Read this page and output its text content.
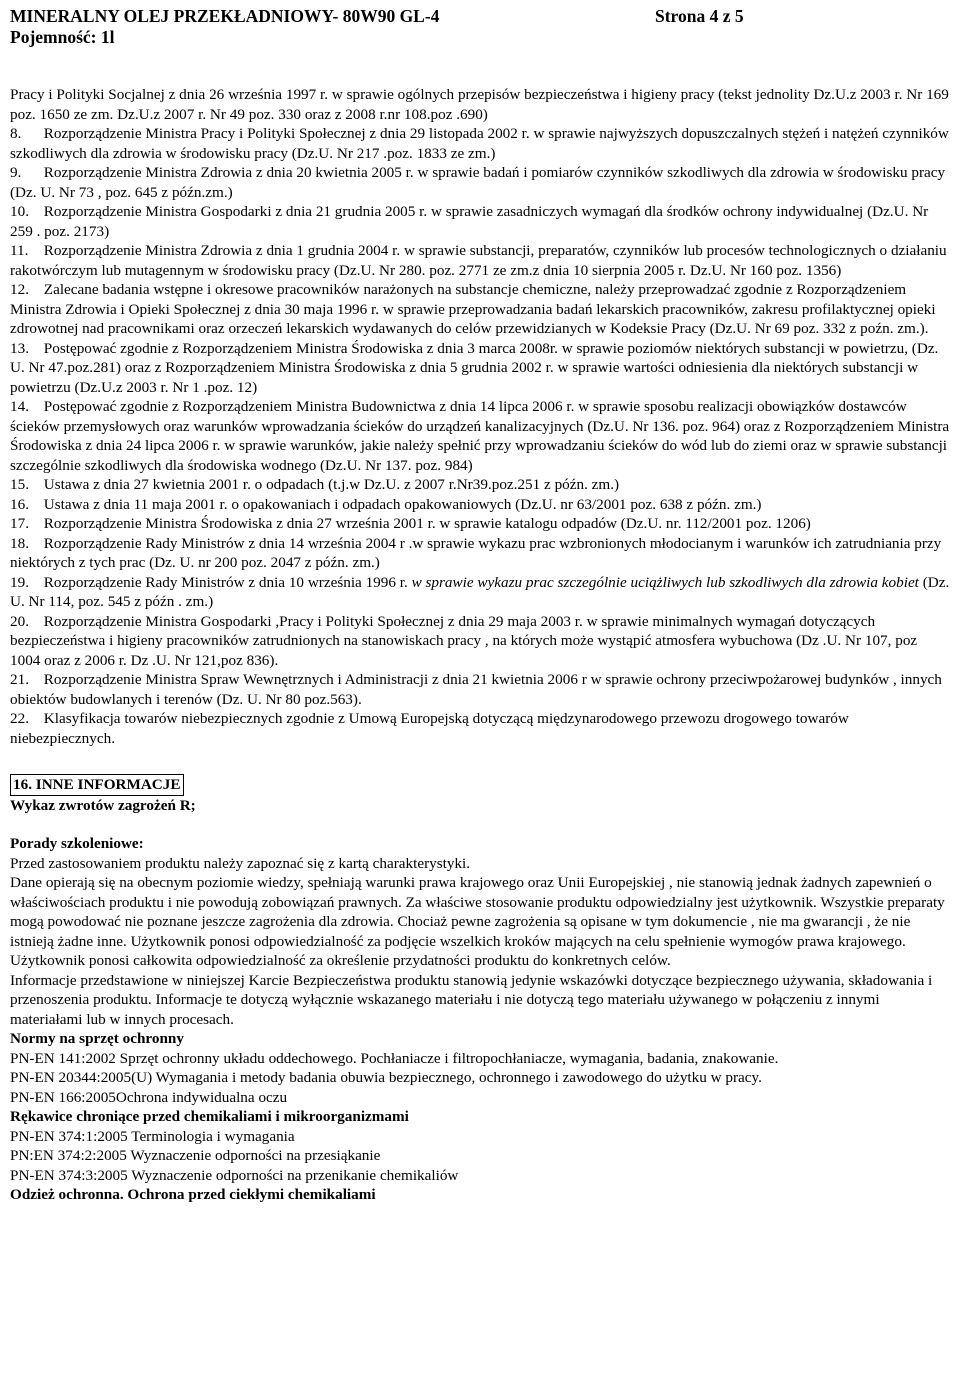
MINERALNY OLEJ PRZEKŁADNIOWY- 80W90 GL-4	Strona 4 z 5
Pojemność: 1l

Pracy i Polityki Socjalnej z dnia 26 września 1997 r. w sprawie ogólnych przepisów bezpieczeństwa i higieny pracy (tekst jednolity Dz.U.z 2003 r. Nr 169 poz. 1650 ze zm. Dz.U.z 2007 r. Nr 49 poz. 330 oraz z 2008 r.nr 108.poz .690)

8. Rozporządzenie Ministra Pracy i Polityki Społecznej z dnia 29 listopada 2002 r. w sprawie najwyższych dopuszczalnych stężeń i natężeń czynników szkodliwych dla zdrowia w środowisku pracy (Dz.U. Nr 217 .poz. 1833 ze zm.)

9. Rozporządzenie Ministra Zdrowia z dnia 20 kwietnia 2005 r. w sprawie badań i pomiarów czynników szkodliwych dla zdrowia w środowisku pracy (Dz. U. Nr 73 , poz. 645 z późn.zm.)

10. Rozporządzenie Ministra Gospodarki z dnia 21 grudnia 2005 r. w sprawie zasadniczych wymagań dla środków ochrony indywidualnej (Dz.U. Nr 259 . poz. 2173)

11. Rozporządzenie Ministra Zdrowia z dnia 1 grudnia 2004 r. w sprawie substancji, preparatów, czynników lub procesów technologicznych o działaniu rakotwórczym lub mutagennym w środowisku pracy (Dz.U. Nr 280. poz. 2771 ze zm.z dnia 10 sierpnia 2005 r. Dz.U. Nr 160 poz. 1356)

12. Zalecane badania wstępne i okresowe pracowników narażonych na substancje chemiczne, należy przeprowadzać zgodnie z Rozporządzeniem Ministra Zdrowia i Opieki Społecznej z dnia 30 maja 1996 r. w sprawie przeprowadzania badań lekarskich pracowników, zakresu profilaktycznej opieki zdrowotnej nad pracownikami oraz orzeczeń lekarskich wydawanych do celów przewidzianych w Kodeksie Pracy (Dz.U. Nr 69 poz. 332 z poźn. zm.).

13. Postępować zgodnie z Rozporządzeniem Ministra Środowiska z dnia 3 marca 2008r. w sprawie poziomów niektórych substancji w powietrzu, (Dz. U. Nr 47.poz.281) oraz z Rozporządzeniem Ministra Środowiska z dnia 5 grudnia 2002 r. w sprawie wartości odniesienia dla niektórych substancji w powietrzu (Dz.U.z 2003 r. Nr 1 .poz. 12)

14. Postępować zgodnie z Rozporządzeniem Ministra Budownictwa z dnia 14 lipca 2006 r. w sprawie sposobu realizacji obowiązków dostawców ścieków przemysłowych oraz warunków wprowadzania ścieków do urządzeń kanalizacyjnych (Dz.U. Nr 136. poz. 964) oraz z Rozporządzeniem Ministra Środowiska z dnia 24 lipca 2006 r. w sprawie warunków, jakie należy spełnić przy wprowadzaniu ścieków do wód lub do ziemi oraz w sprawie substancji szczególnie szkodliwych dla środowiska wodnego (Dz.U. Nr 137. poz. 984)

15. Ustawa z dnia 27 kwietnia 2001 r. o odpadach (t.j.w Dz.U. z 2007 r.Nr39.poz.251 z późn. zm.)

16. Ustawa z dnia 11 maja 2001 r. o opakowaniach i odpadach opakowaniowych (Dz.U. nr 63/2001 poz. 638 z późn. zm.)

17. Rozporządzenie Ministra Środowiska z dnia 27 września 2001 r. w sprawie katalogu odpadów (Dz.U. nr. 112/2001 poz. 1206)

18. Rozporządzenie Rady Ministrów z dnia 14 września 2004 r .w sprawie wykazu prac wzbronionych młodocianym i warunków ich zatrudniania przy niektórych z tych prac (Dz. U. nr 200 poz. 2047 z późn. zm.)

19. Rozporządzenie Rady Ministrów z dnia 10 września 1996 r. w sprawie wykazu prac szczególnie uciążliwych lub szkodliwych dla zdrowia kobiet (Dz. U. Nr 114, poz. 545 z późn . zm.)

20. Rozporządzenie Ministra Gospodarki ,Pracy i Polityki Społecznej z dnia 29 maja 2003 r. w sprawie minimalnych wymagań dotyczących bezpieczeństwa i higieny pracowników zatrudnionych na stanowiskach pracy , na których może wystąpić atmosfera wybuchowa (Dz .U. Nr 107, poz 1004 oraz z 2006 r. Dz .U. Nr 121,poz 836).

21. Rozporządzenie Ministra Spraw Wewnętrznych i Administracji z dnia 21 kwietnia 2006 r w sprawie ochrony przeciwpożarowej budynków , innych obiektów budowlanych i terenów (Dz. U. Nr 80 poz.563).

22. Klasyfikacja towarów niebezpiecznych zgodnie z Umową Europejską dotyczącą międzynarodowego przewozu drogowego towarów niebezpiecznych.

16. INNE INFORMACJE

Wykaz zwrotów zagrożeń R;

Porady szkoleniowe:

Przed zastosowaniem produktu należy zapoznać się z kartą charakterystyki.

Dane opierają się na obecnym poziomie wiedzy, spełniają warunki prawa krajowego oraz Unii Europejskiej , nie stanowią jednak żadnych zapewnień o właściwościach produktu i nie powodują zobowiązań prawnych. Za właściwe stosowanie produktu odpowiedzialny jest użytkownik. Wszystkie preparaty mogą powodować nie poznane jeszcze zagrożenia dla zdrowia. Chociaż pewne zagrożenia są opisane w tym dokumencie , nie ma gwarancji , że nie istnieją żadne inne. Użytkownik ponosi odpowiedzialność za podjęcie wszelkich kroków mających na celu spełnienie wymogów prawa krajowego.

Użytkownik ponosi całkowita odpowiedzialność za określenie przydatności produktu do konkretnych celów.

Informacje przedstawione w niniejszej Karcie Bezpieczeństwa produktu stanowią jedynie wskazówki dotyczące bezpiecznego używania, składowania i przenoszenia produktu. Informacje te dotyczą wyłącznie wskazanego materiału i nie dotyczą tego materiału używanego w połączeniu z innymi materiałami lub w innych procesach.

Normy na sprzęt ochronny

PN-EN 141:2002 Sprzęt ochronny układu oddechowego. Pochłaniacze i filtropochłaniacze, wymagania, badania, znakowanie.

PN-EN 20344:2005(U) Wymagania i metody badania obuwia bezpiecznego, ochronnego i zawodowego do użytku w pracy.

PN-EN 166:2005Ochrona indywidualna oczu

Rękawice chroniące przed chemikaliami i mikroorganizmami

PN-EN 374:1:2005 Terminologia i wymagania

PN:EN 374:2:2005 Wyznaczenie odporności na przesiąkanie

PN-EN 374:3:2005 Wyznaczenie odporności na przenikanie chemikaliów

Odzież ochronna. Ochrona przed ciekłymi chemikaliami
